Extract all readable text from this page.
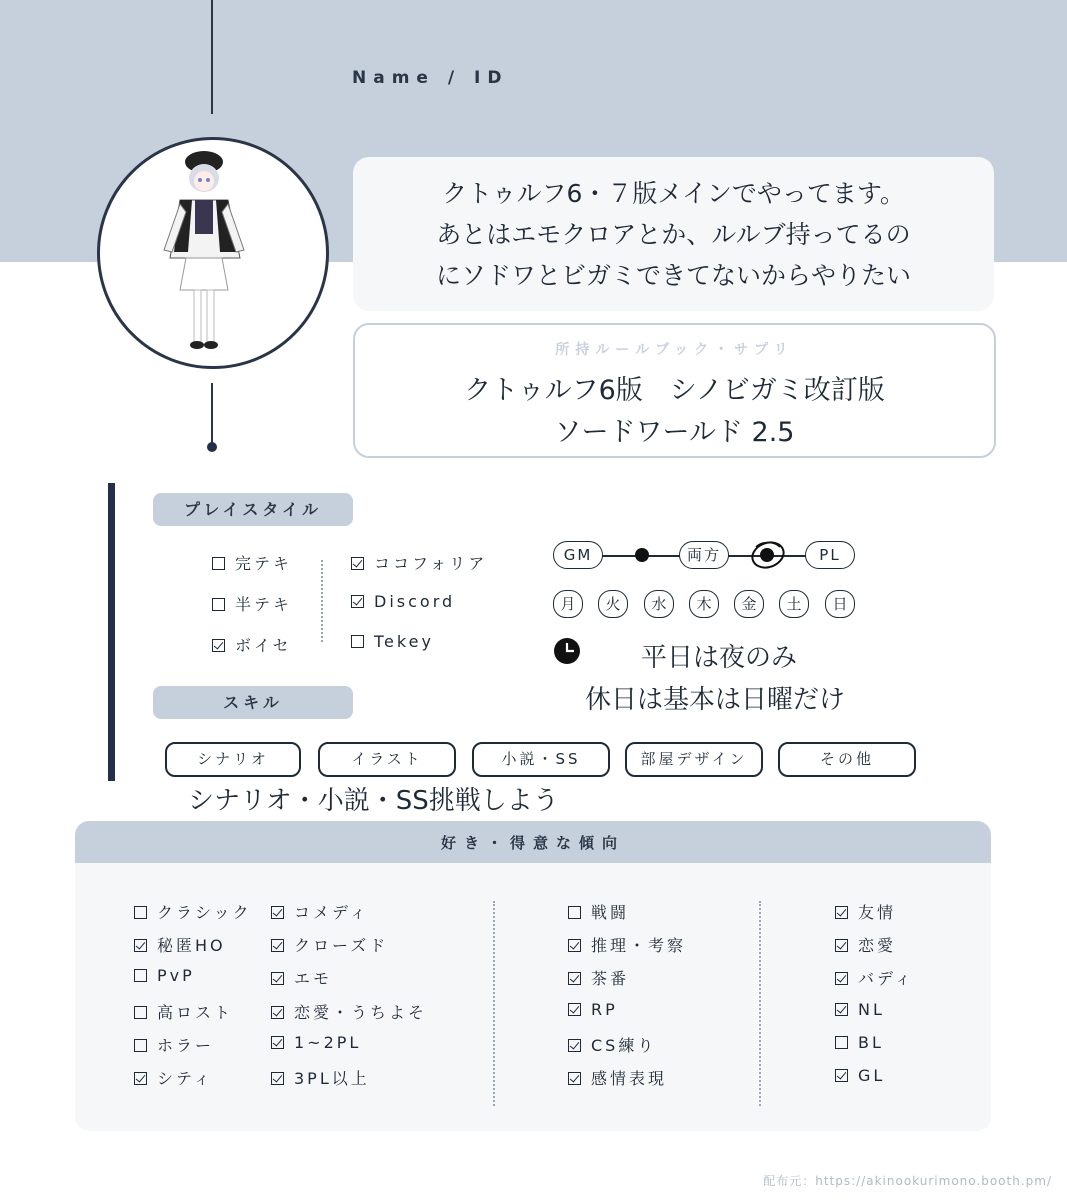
Name / ID
クトゥルフ6・７版メインでやってます。
あとはエモクロアとか、ルルブ持ってるの
にソドワとビガミできてないからやりたい
所持ルールブック・サプリ
クトゥルフ6版　シノビガミ改訂版
ソードワールド 2.5
プレイスタイル
完テキ
半テキ
ボイセ
ココフォリア
Discord
Tekey
GM	両方	PL
月	火	水	木	金	土	日
平日は夜のみ
休日は基本は日曜だけ
スキル
シナリオ	イラスト	小説・SS	部屋デザイン	その他
シナリオ・小説・SS挑戦しよう
好き・得意な傾向
クラシック
秘匿HO
PvP
高ロスト
ホラー
シティ
コメディ
クローズド
エモ
恋愛・うちよそ
1~2PL
3PL以上
戦闘
推理・考察
茶番
RP
CS練り
感情表現
友情
恋愛
バディ
NL
BL
GL
配布元：https://akinookurimono.booth.pm/
